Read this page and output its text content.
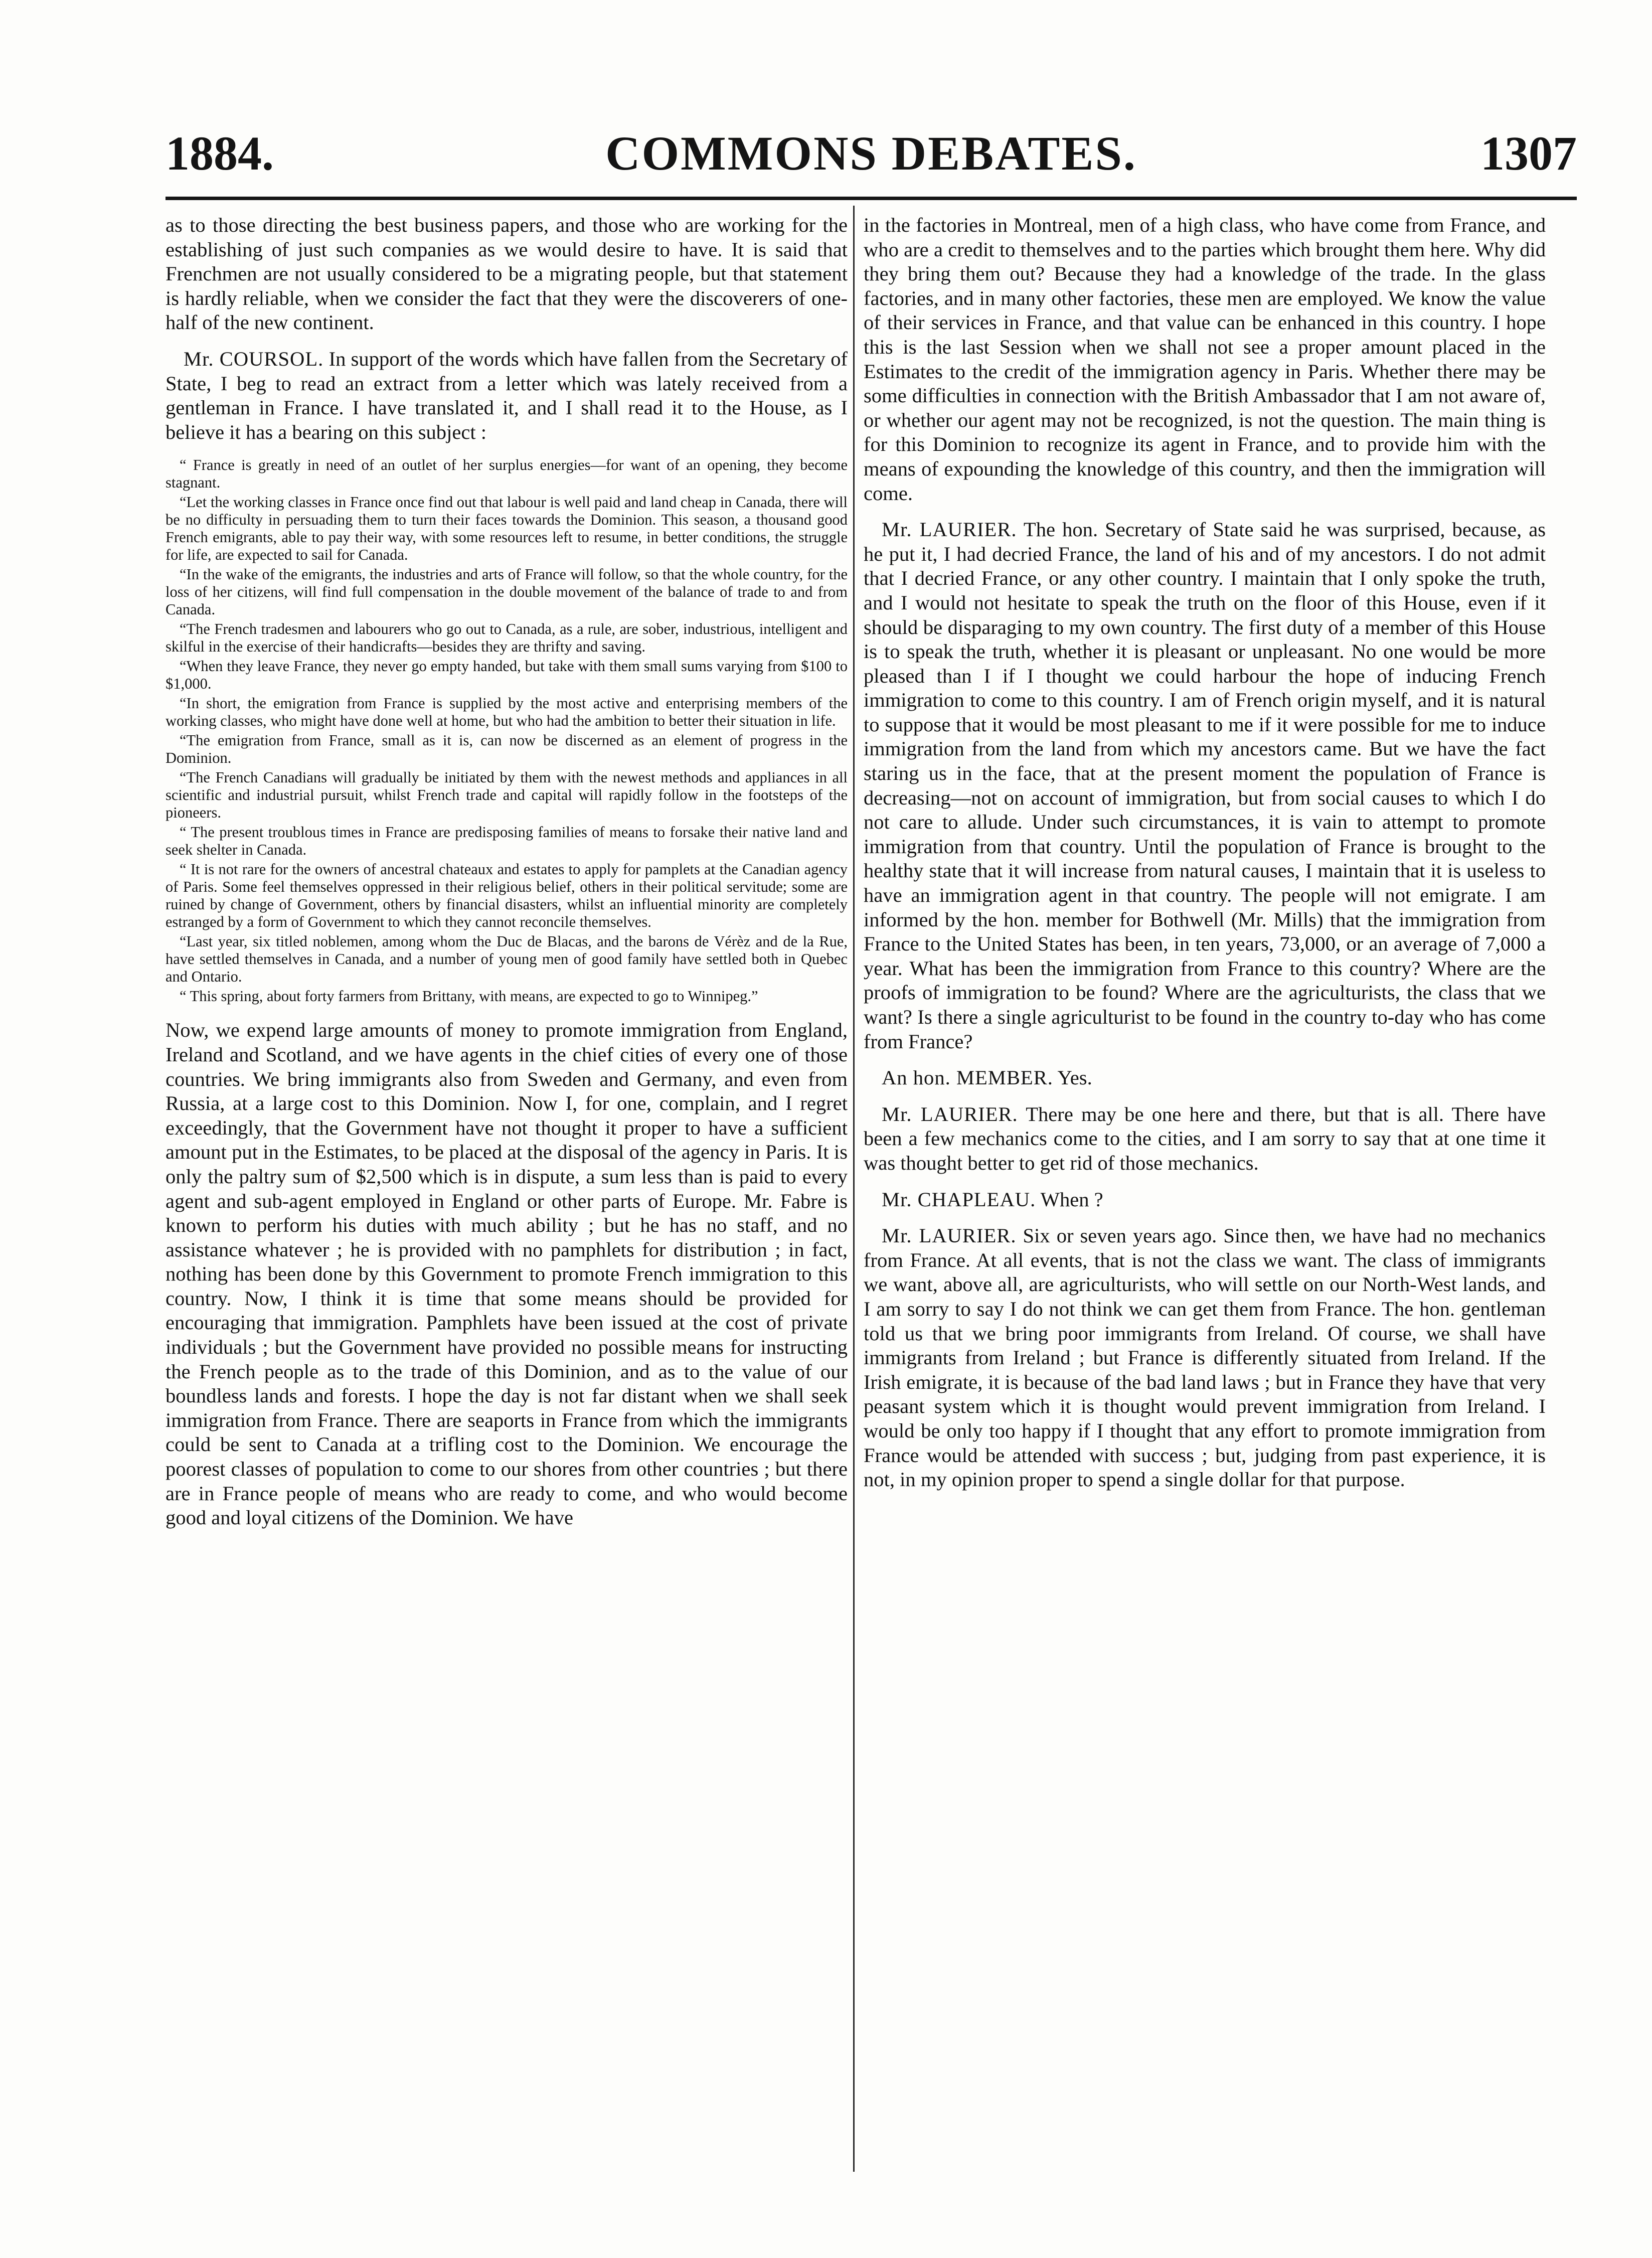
1884.	COMMONS DEBATES.	1307

as to those directing the best business papers, and those who are working for the establishing of just such companies as we would desire to have. It is said that Frenchmen are not usually considered to be a migrating people, but that statement is hardly reliable, when we consider the fact that they were the discoverers of one-half of the new continent.

Mr. COURSOL. In support of the words which have fallen from the Secretary of State, I beg to read an extract from a letter which was lately received from a gentleman in France. I have translated it, and I shall read it to the House, as I believe it has a bearing on this subject :

“ France is greatly in need of an outlet of her surplus energies—for want of an opening, they become stagnant.

“Let the working classes in France once find out that labour is well paid and land cheap in Canada, there will be no difficulty in persuading them to turn their faces towards the Dominion. This season, a thousand good French emigrants, able to pay their way, with some resources left to resume, in better conditions, the struggle for life, are expected to sail for Canada.

“In the wake of the emigrants, the industries and arts of France will follow, so that the whole country, for the loss of her citizens, will find full compensation in the double movement of the balance of trade to and from Canada.

“The French tradesmen and labourers who go out to Canada, as a rule, are sober, industrious, intelligent and skilful in the exercise of their handicrafts—besides they are thrifty and saving.

“When they leave France, they never go empty handed, but take with them small sums varying from $100 to $1,000.

“In short, the emigration from France is supplied by the most active and enterprising members of the working classes, who might have done well at home, but who had the ambition to better their situation in life.

“The emigration from France, small as it is, can now be discerned as an element of progress in the Dominion.

“The French Canadians will gradually be initiated by them with the newest methods and appliances in all scientific and industrial pursuit, whilst French trade and capital will rapidly follow in the footsteps of the pioneers.

“ The present troublous times in France are predisposing families of means to forsake their native land and seek shelter in Canada.

“ It is not rare for the owners of ancestral chateaux and estates to apply for pamplets at the Canadian agency of Paris. Some feel themselves oppressed in their religious belief, others in their political servitude; some are ruined by change of Government, others by financial disasters, whilst an influential minority are completely estranged by a form of Government to which they cannot reconcile themselves.

“Last year, six titled noblemen, among whom the Duc de Blacas, and the barons de Vérèz and de la Rue, have settled themselves in Canada, and a number of young men of good family have settled both in Quebec and Ontario.

“ This spring, about forty farmers from Brittany, with means, are expected to go to Winnipeg.”

Now, we expend large amounts of money to promote immigration from England, Ireland and Scotland, and we have agents in the chief cities of every one of those countries. We bring immigrants also from Sweden and Germany, and even from Russia, at a large cost to this Dominion. Now I, for one, complain, and I regret exceedingly, that the Government have not thought it proper to have a sufficient amount put in the Estimates, to be placed at the disposal of the agency in Paris. It is only the paltry sum of $2,500 which is in dispute, a sum less than is paid to every agent and sub-agent employed in England or other parts of Europe. Mr. Fabre is known to perform his duties with much ability ; but he has no staff, and no assistance whatever ; he is provided with no pamphlets for distribution ; in fact, nothing has been done by this Government to promote French immigration to this country. Now, I think it is time that some means should be provided for encouraging that immigration. Pamphlets have been issued at the cost of private individuals ; but the Government have provided no possible means for instructing the French people as to the trade of this Dominion, and as to the value of our boundless lands and forests. I hope the day is not far distant when we shall seek immigration from France. There are seaports in France from which the immigrants could be sent to Canada at a trifling cost to the Dominion. We encourage the poorest classes of population to come to our shores from other countries ; but there are in France people of means who are ready to come, and who would become good and loyal citizens of the Dominion. We have

in the factories in Montreal, men of a high class, who have come from France, and who are a credit to themselves and to the parties which brought them here. Why did they bring them out? Because they had a knowledge of the trade. In the glass factories, and in many other factories, these men are employed. We know the value of their services in France, and that value can be enhanced in this country. I hope this is the last Session when we shall not see a proper amount placed in the Estimates to the credit of the immigration agency in Paris. Whether there may be some difficulties in connection with the British Ambassador that I am not aware of, or whether our agent may not be recognized, is not the question. The main thing is for this Dominion to recognize its agent in France, and to provide him with the means of expounding the knowledge of this country, and then the immigration will come.

Mr. LAURIER. The hon. Secretary of State said he was surprised, because, as he put it, I had decried France, the land of his and of my ancestors. I do not admit that I decried France, or any other country. I maintain that I only spoke the truth, and I would not hesitate to speak the truth on the floor of this House, even if it should be disparaging to my own country. The first duty of a member of this House is to speak the truth, whether it is pleasant or unpleasant. No one would be more pleased than I if I thought we could harbour the hope of inducing French immigration to come to this country. I am of French origin myself, and it is natural to suppose that it would be most pleasant to me if it were possible for me to induce immigration from the land from which my ancestors came. But we have the fact staring us in the face, that at the present moment the population of France is decreasing—not on account of immigration, but from social causes to which I do not care to allude. Under such circumstances, it is vain to attempt to promote immigration from that country. Until the population of France is brought to the healthy state that it will increase from natural causes, I maintain that it is useless to have an immigration agent in that country. The people will not emigrate. I am informed by the hon. member for Bothwell (Mr. Mills) that the immigration from France to the United States has been, in ten years, 73,000, or an average of 7,000 a year. What has been the immigration from France to this country? Where are the proofs of immigration to be found? Where are the agriculturists, the class that we want? Is there a single agriculturist to be found in the country to-day who has come from France?

An hon. MEMBER. Yes.

Mr. LAURIER. There may be one here and there, but that is all. There have been a few mechanics come to the cities, and I am sorry to say that at one time it was thought better to get rid of those mechanics.

Mr. CHAPLEAU. When ?

Mr. LAURIER. Six or seven years ago. Since then, we have had no mechanics from France. At all events, that is not the class we want. The class of immigrants we want, above all, are agriculturists, who will settle on our North-West lands, and I am sorry to say I do not think we can get them from France. The hon. gentleman told us that we bring poor immigrants from Ireland. Of course, we shall have immigrants from Ireland ; but France is differently situated from Ireland. If the Irish emigrate, it is because of the bad land laws ; but in France they have that very peasant system which it is thought would prevent immigration from Ireland. I would be only too happy if I thought that any effort to promote immigration from France would be attended with success ; but, judging from past experience, it is not, in my opinion proper to spend a single dollar for that purpose.
